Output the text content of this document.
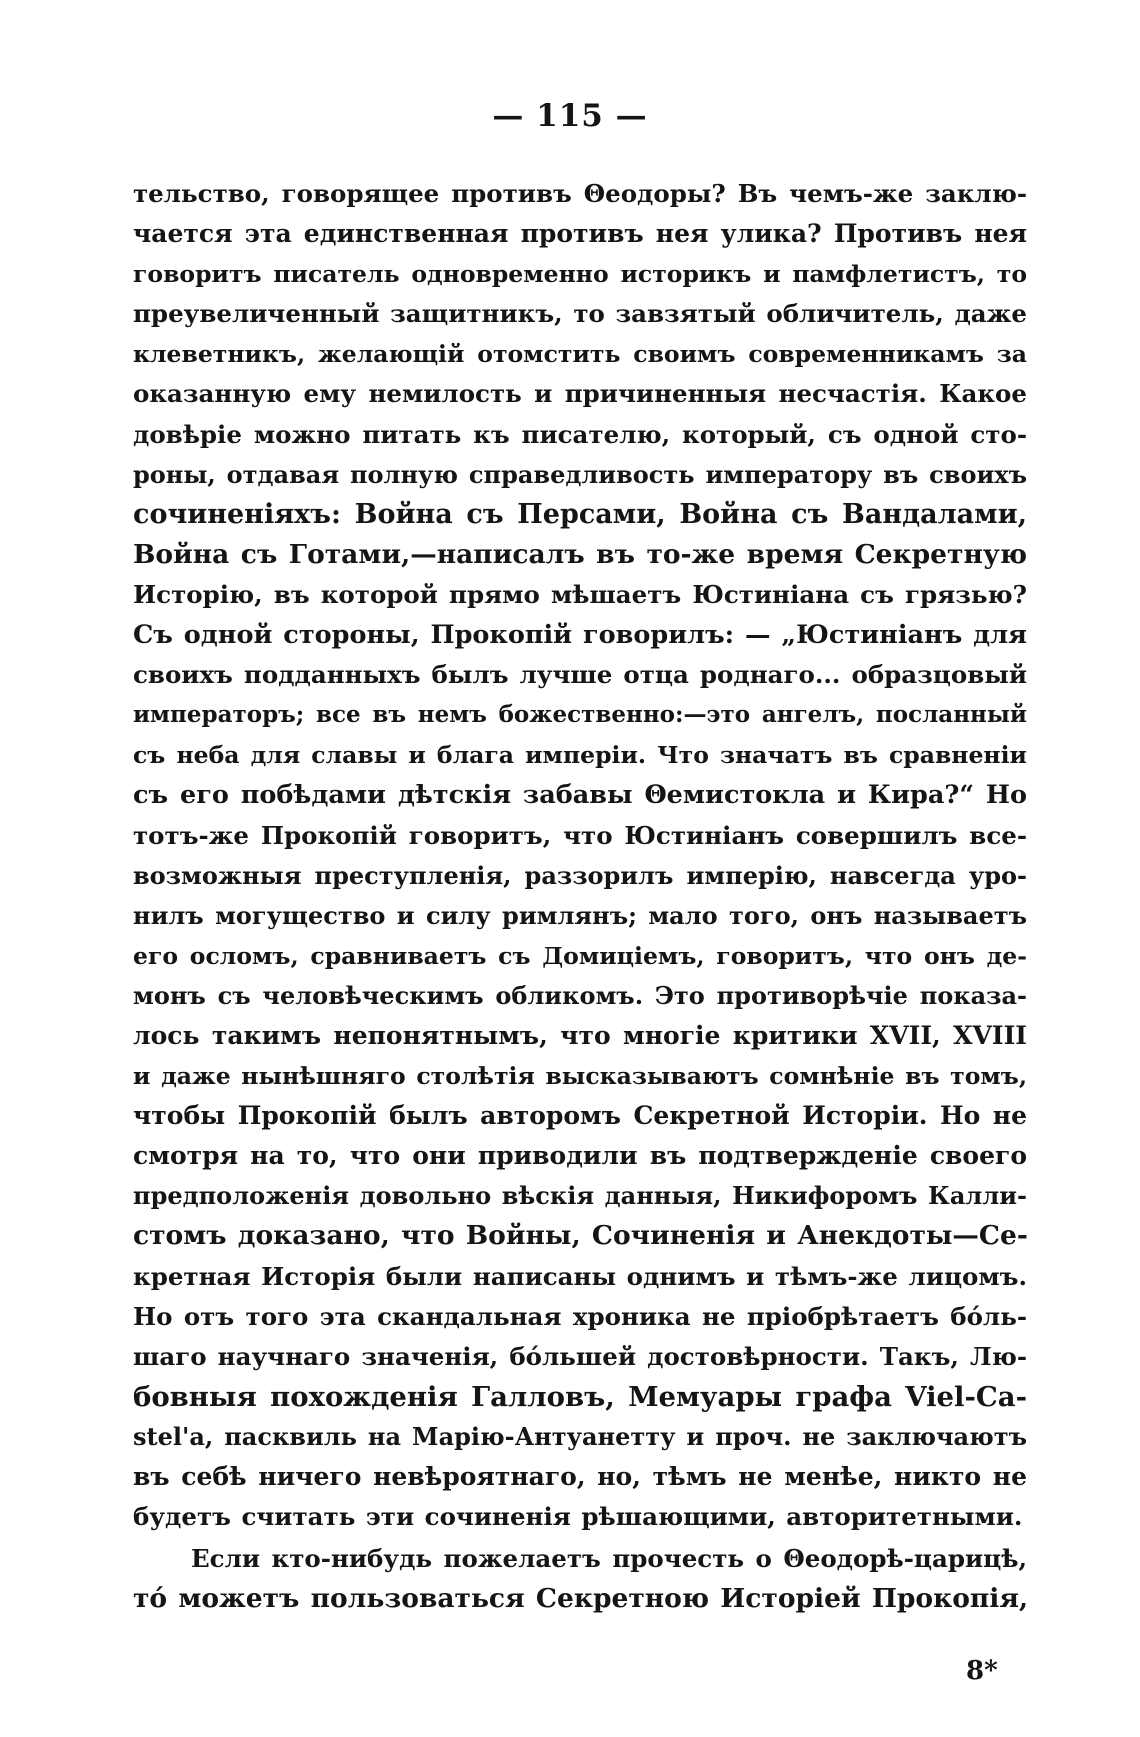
— 115 —
тельство, говорящее противъ Θеодоры? Въ чемъ-же заклю-
чается эта единственная противъ нея улика? Противъ нея
говоритъ писатель одновременно историкъ и памфлетистъ, то
преувеличенный защитникъ, то завзятый обличитель, даже
клеветникъ, желающій отомстить своимъ современникамъ за
оказанную ему немилость и причиненныя несчастія. Какое
довѣріе можно питать къ писателю, который, съ одной сто-
роны, отдавая полную справедливость императору въ своихъ
сочиненіяхъ: Война съ Персами, Война съ Вандалами,
Война съ Готами,—написалъ въ то-же время Секретную
Исторію, въ которой прямо мѣшаетъ Юстиніана съ грязью?
Съ одной стороны, Прокопій говорилъ: — „Юстиніанъ для
своихъ подданныхъ былъ лучше отца роднаго... образцовый
императоръ; все въ немъ божественно:—это ангелъ, посланный
съ неба для славы и блага имперіи. Что значатъ въ сравненіи
съ его побѣдами дѣтскія забавы Θемистокла и Кира?“ Но
тотъ-же Прокопій говоритъ, что Юстиніанъ совершилъ все-
возможныя преступленія, раззорилъ имперію, навсегда уро-
нилъ могущество и силу римлянъ; мало того, онъ называетъ
его осломъ, сравниваетъ съ Домиціемъ, говоритъ, что онъ де-
монъ съ человѣческимъ обликомъ. Это противорѣчіе показа-
лось такимъ непонятнымъ, что многіе критики XVII, XVIII
и даже нынѣшняго столѣтія высказываютъ сомнѣніе въ томъ,
чтобы Прокопій былъ авторомъ Секретной Исторіи. Но не
смотря на то, что они приводили въ подтвержденіе своего
предположенія довольно вѣскія данныя, Никифоромъ Калли-
стомъ доказано, что Войны, Сочиненія и Анекдоты—Се-
кретная Исторія были написаны однимъ и тѣмъ-же лицомъ.
Но отъ того эта скандальная хроника не пріобрѣтаетъ бóль-
шаго научнаго значенія, бóльшей достовѣрности. Такъ, Лю-
бовныя похожденія Галловъ, Мемуары графа Viel-Ca-
stel'а, пасквиль на Марію-Антуанетту и проч. не заключаютъ
въ себѣ ничего невѣроятнаго, но, тѣмъ не менѣе, никто не
будетъ считать эти сочиненія рѣшающими, авторитетными.
Если кто-нибудь пожелаетъ прочесть о Θеодорѣ-царицѣ,
тó можетъ пользоваться Секретною Исторіей Прокопія,
8*
